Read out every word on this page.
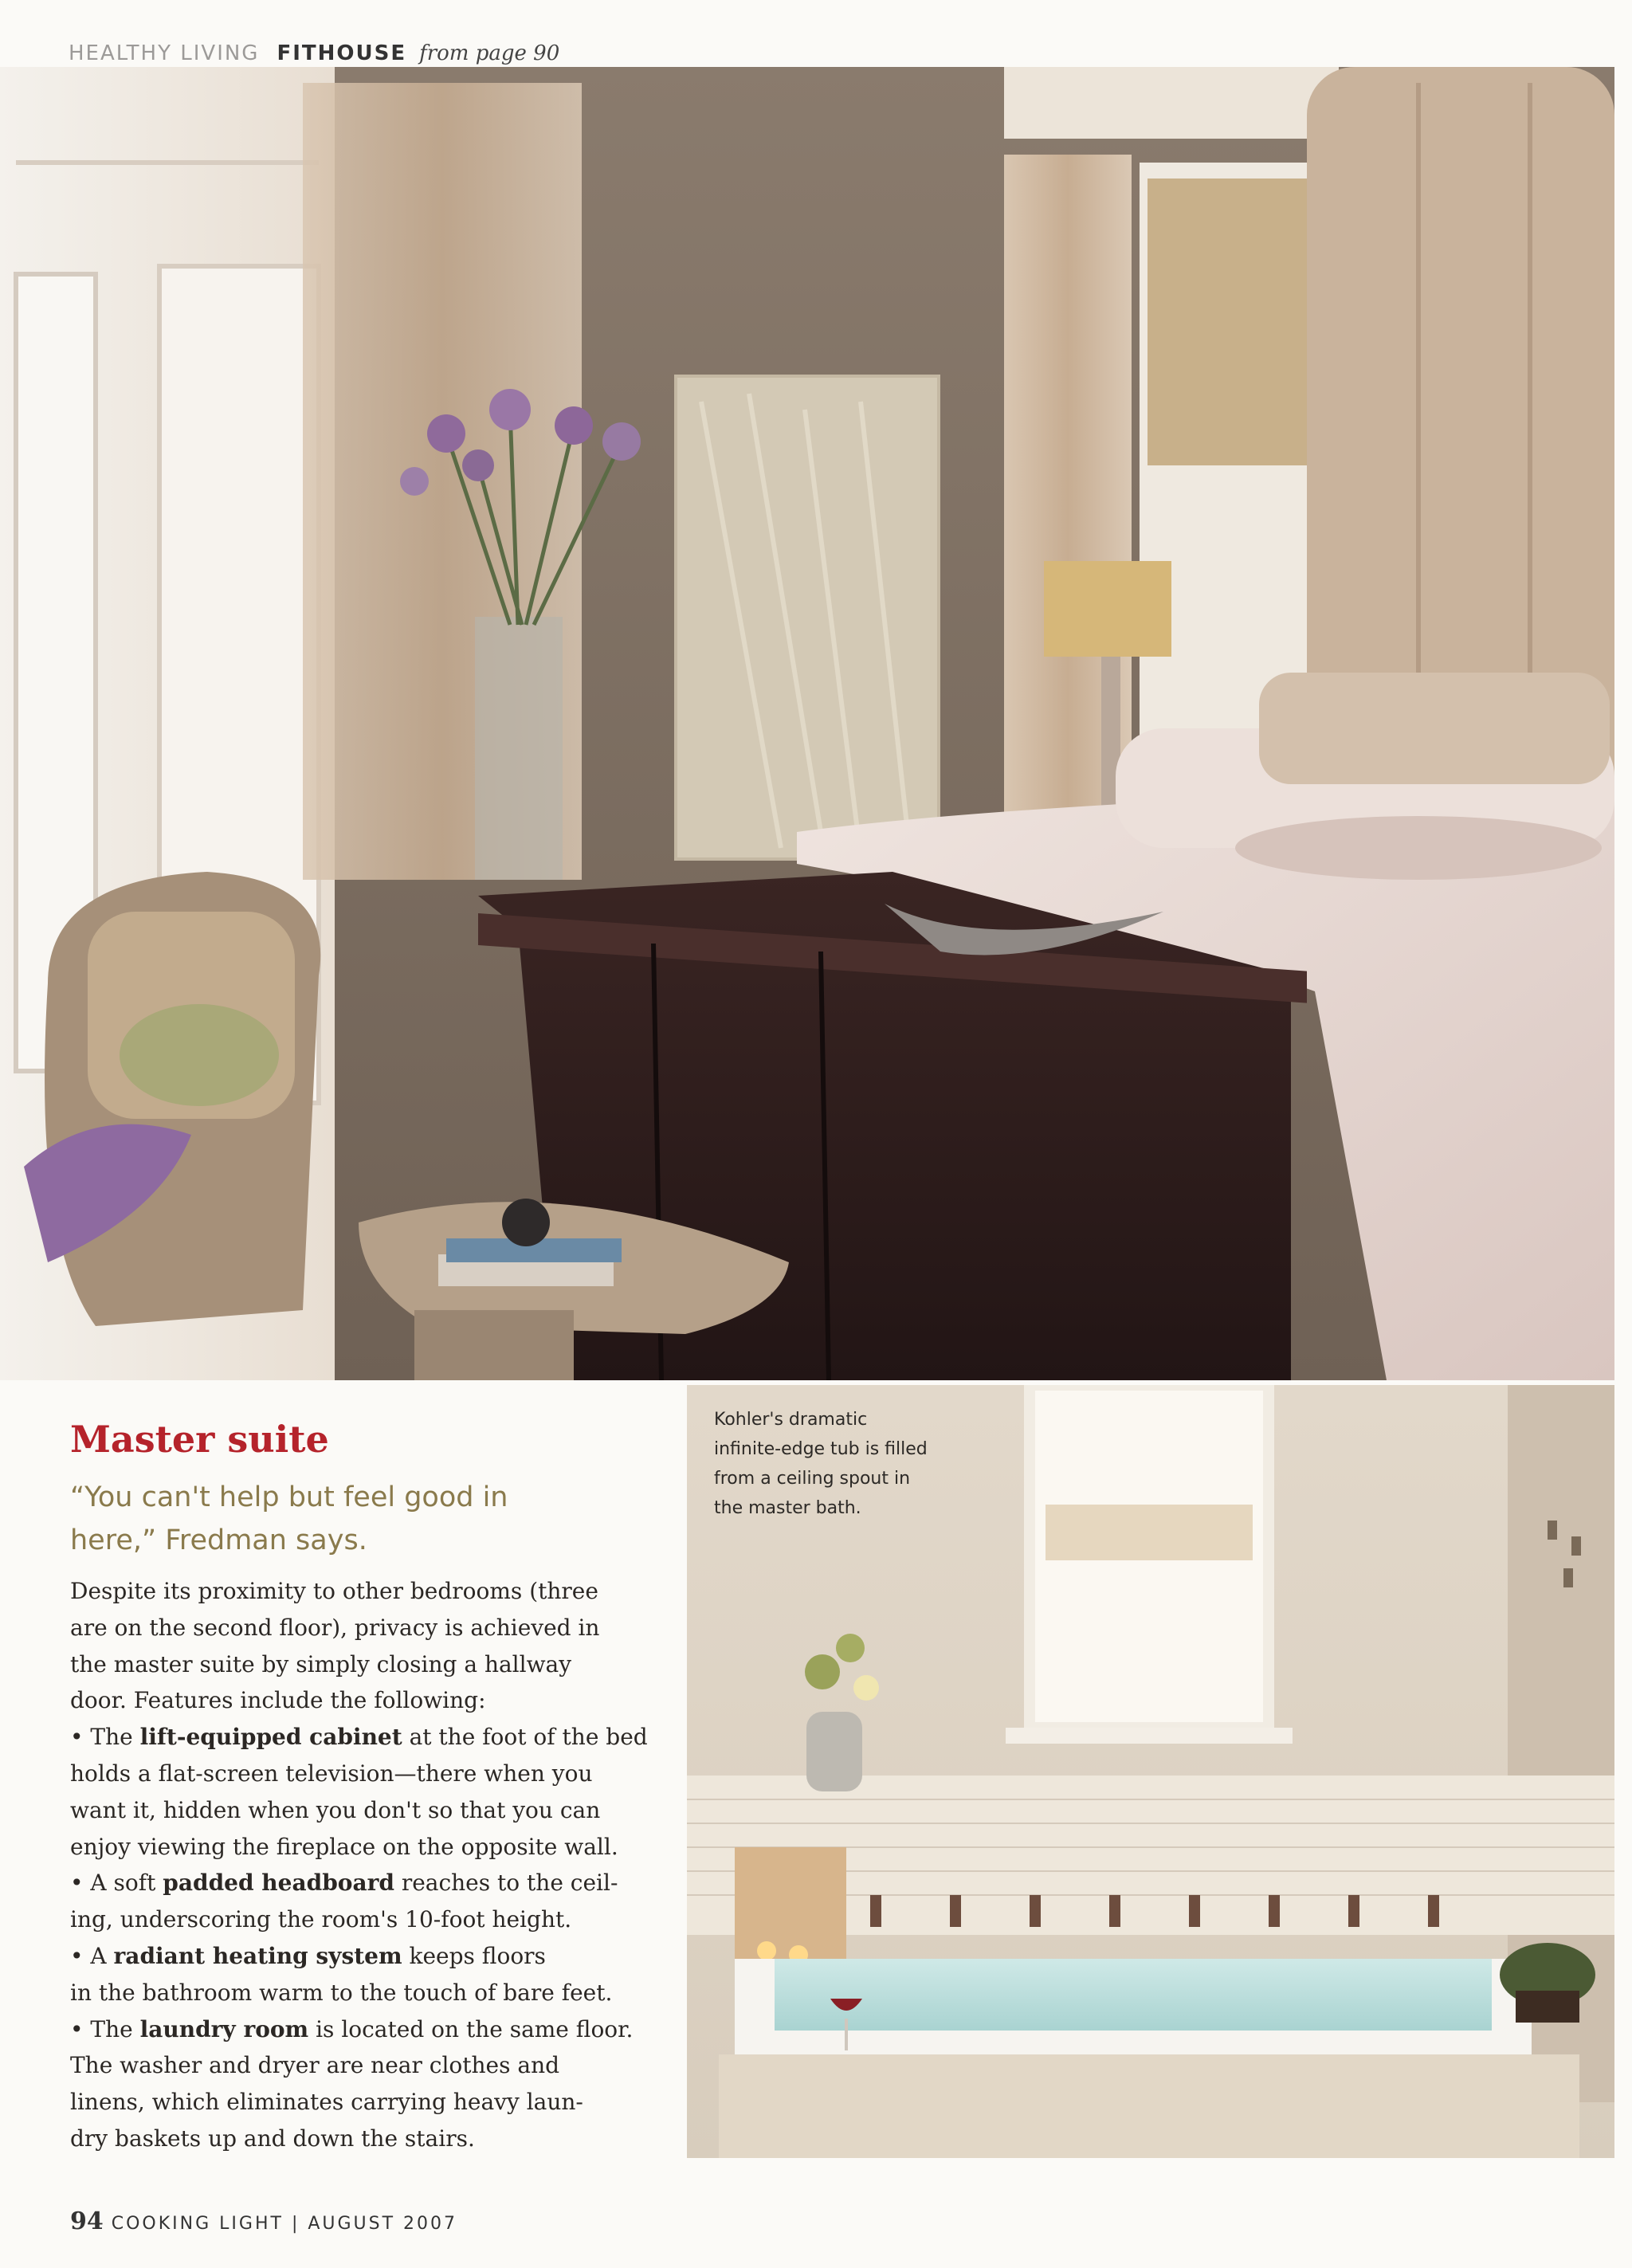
HEALTHY LIVING FITHOUSE from page 90
Kohler's dramatic
infinite-edge tub is filled
from a ceiling spout in
the master bath.
Master suite
“You can't help but feel good in
here,” Fredman says.

Despite its proximity to other bedrooms (three

are on the second floor), privacy is achieved in

the master suite by simply closing a hallway

door. Features include the following:

• The lift-equipped cabinet at the foot of the bed

holds a flat-screen television—there when you

want it, hidden when you don't so that you can

enjoy viewing the fireplace on the opposite wall.

• A soft padded headboard reaches to the ceil-

ing, underscoring the room's 10-foot height.

• A radiant heating system keeps floors

in the bathroom warm to the touch of bare feet.

• The laundry room is located on the same floor.

The washer and dryer are near clothes and

linens, which eliminates carrying heavy laun-

dry baskets up and down the stairs.

94 COOKING LIGHT | AUGUST 2007
